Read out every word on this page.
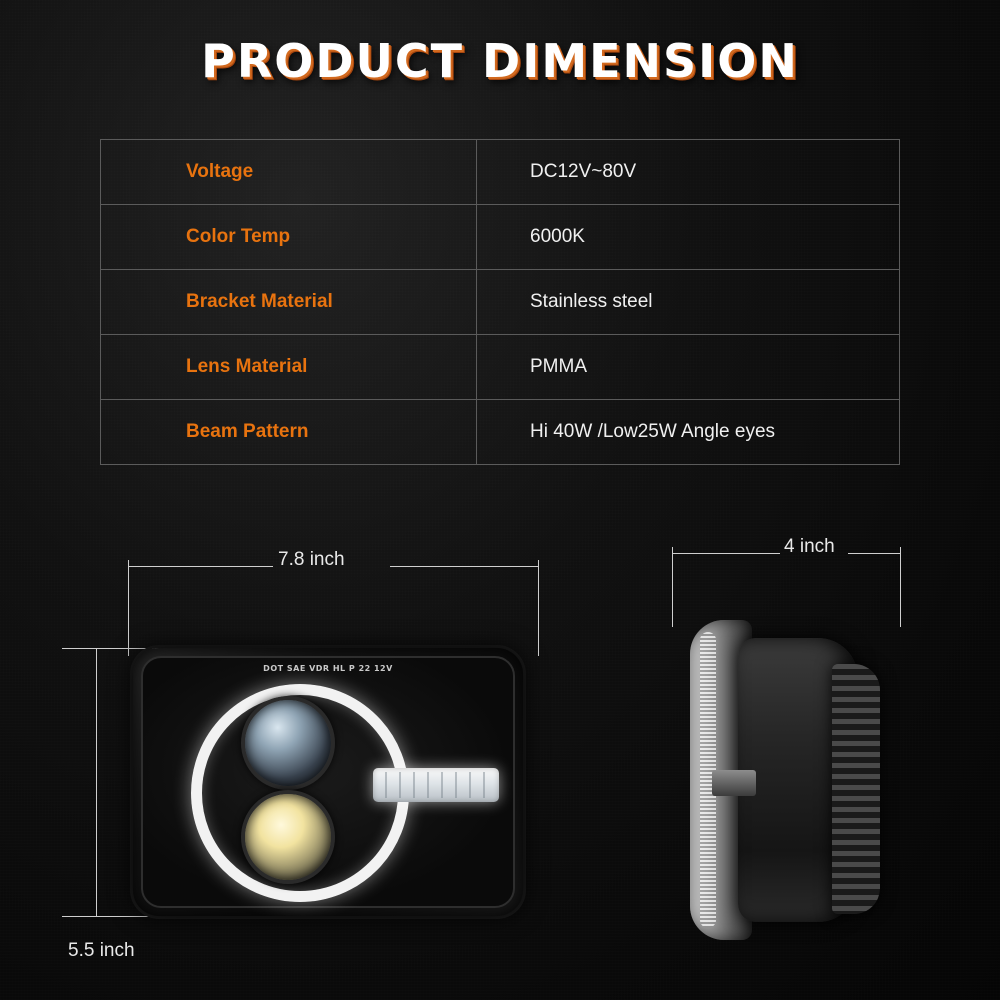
PRODUCT DIMENSION
Voltage	DC12V~80V
Color Temp	6000K
Bracket Material	Stainless steel
Lens Material	PMMA
Beam Pattern	Hi 40W /Low25W Angle eyes
7.8 inch
5.5 inch
4 inch
DOT SAE VDR HL P 22 12V
